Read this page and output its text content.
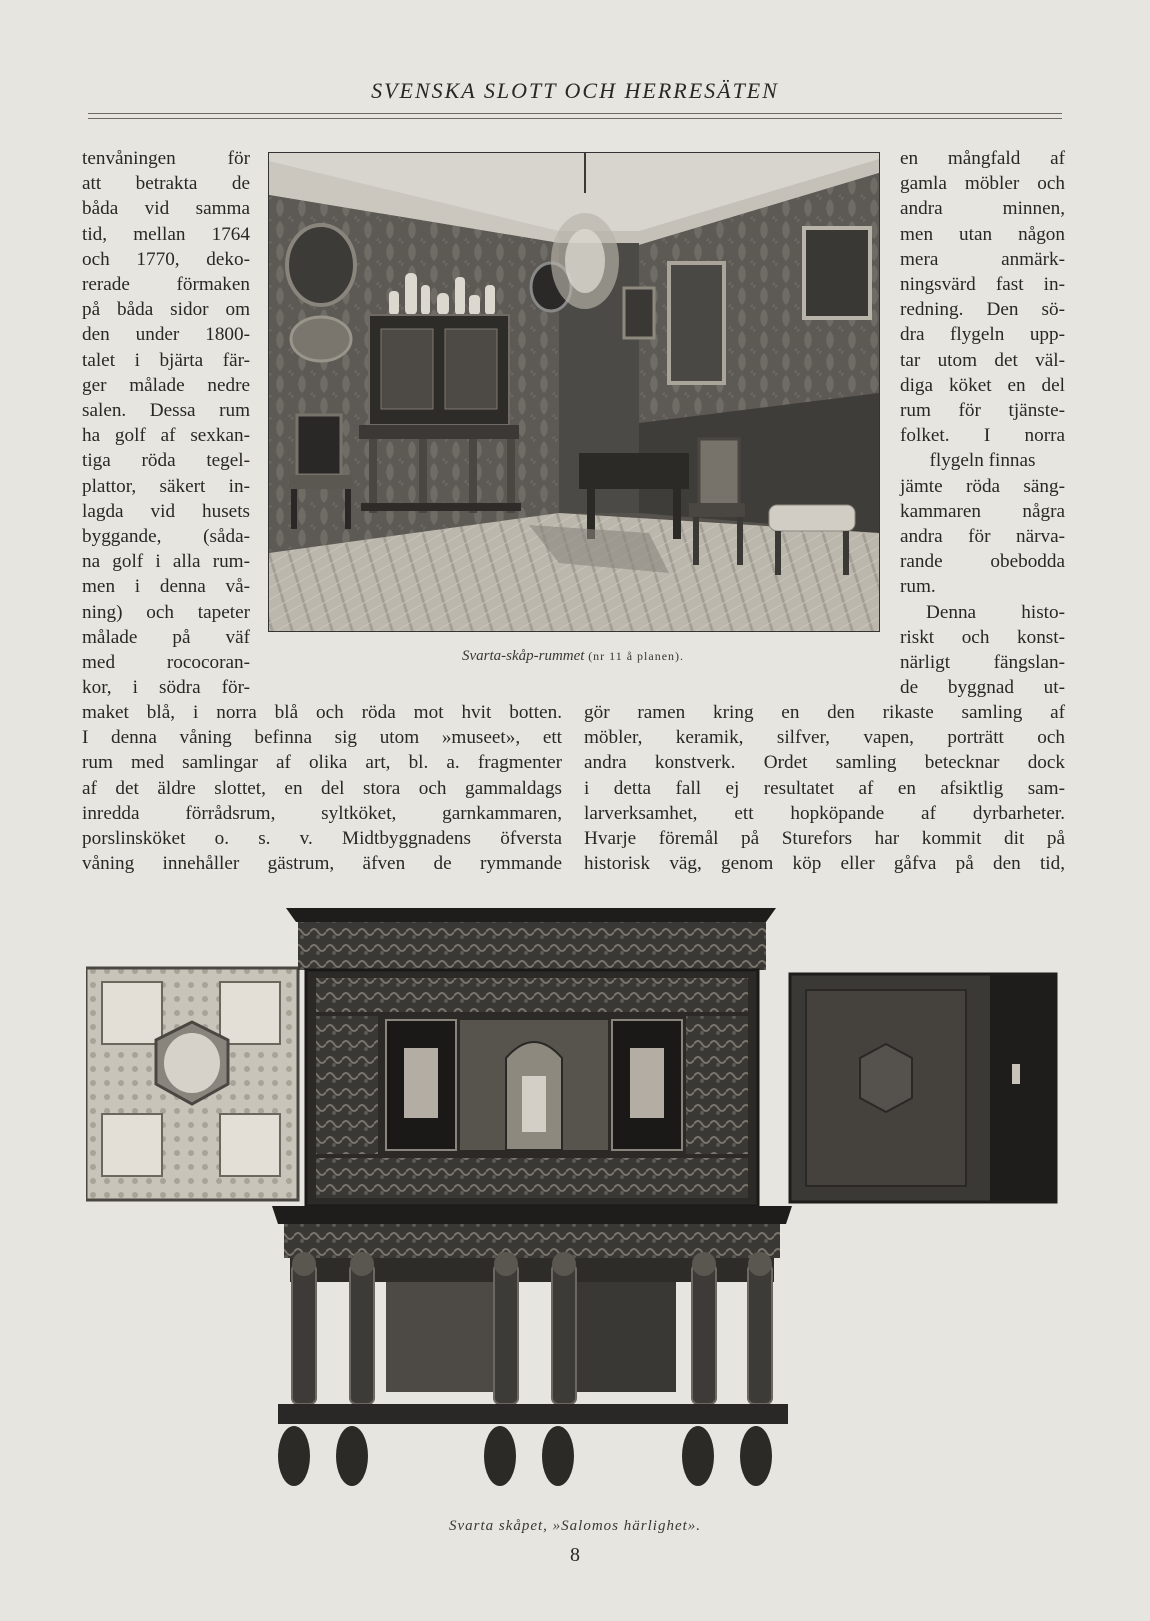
SVENSKA SLOTT OCH HERRESÄTEN
tenvåningen för
att betrakta de
båda vid samma
tid, mellan 1764
och 1770, deko-
rerade förmaken
på båda sidor om
den under 1800-
talet i bjärta fär-
ger målade nedre
salen. Dessa rum
ha golf af sexkan-
tiga röda tegel-
plattor, säkert in-
lagda vid husets
byggande, (såda-
na golf i alla rum-
men i denna vå-
ning) och tapeter
målade på väf
med rococoran-
kor, i södra för-
en mångfald af
gamla möbler och
andra minnen,
men utan någon
mera anmärk-
ningsvärd fast in-
redning. Den sö-
dra flygeln upp-
tar utom det väl-
diga köket en del
rum för tjänste-
folket. I norra
flygeln finnas
jämte röda säng-
kammaren några
andra för närva-
rande obebodda
rum.
Denna histo-
riskt och konst-
närligt fängslan-
de byggnad ut-
Svarta-skåp-rummet (nr 11 å planen).
maket blå, i norra blå och röda mot hvit botten.
I denna våning befinna sig utom »museet», ett
rum med samlingar af olika art, bl. a. fragmenter
af det äldre slottet, en del stora och gammaldags
inredda förrådsrum, syltköket, garnkammaren,
porslinsköket o. s. v. Midtbyggnadens öfversta
våning innehåller gästrum, äfven de rymmande
gör ramen kring en den rikaste samling af
möbler, keramik, silfver, vapen, porträtt och
andra konstverk. Ordet samling betecknar dock
i detta fall ej resultatet af en afsiktlig sam-
larverksamhet, ett hopköpande af dyrbarheter.
Hvarje föremål på Sturefors har kommit dit på
historisk väg, genom köp eller gåfva på den tid,
Svarta skåpet, »Salomos härlighet».
8
